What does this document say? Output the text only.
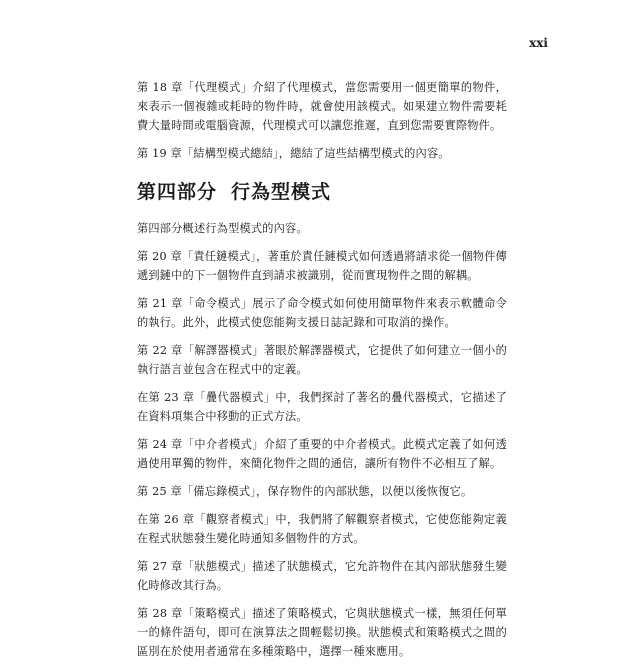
xxi

第 18 章「代理模式」介紹了代理模式，當您需要用一個更簡單的物件，來表示一個複雜或耗時的物件時，就會使用該模式。如果建立物件需要耗費大量時間或電腦資源，代理模式可以讓您推遲，直到您需要實際物件。

第 19 章「結構型模式總結」，總結了這些結構型模式的內容。

第四部分 行為型模式

第四部分概述行為型模式的內容。

第 20 章「責任鏈模式」，著重於責任鏈模式如何透過將請求從一個物件傳遞到鏈中的下一個物件直到請求被識別，從而實現物件之間的解耦。

第 21 章「命令模式」展示了命令模式如何使用簡單物件來表示軟體命令的執行。此外，此模式使您能夠支援日誌記錄和可取消的操作。

第 22 章「解譯器模式」著眼於解譯器模式，它提供了如何建立一個小的執行語言並包含在程式中的定義。

在第 23 章「疊代器模式」中，我們探討了著名的疊代器模式，它描述了在資料項集合中移動的正式方法。

第 24 章「中介者模式」介紹了重要的中介者模式。此模式定義了如何透過使用單獨的物件，來簡化物件之間的通信，讓所有物件不必相互了解。

第 25 章「備忘錄模式」，保存物件的內部狀態，以便以後恢復它。

在第 26 章「觀察者模式」中，我們將了解觀察者模式，它使您能夠定義在程式狀態發生變化時通知多個物件的方式。

第 27 章「狀態模式」描述了狀態模式，它允許物件在其內部狀態發生變化時修改其行為。

第 28 章「策略模式」描述了策略模式，它與狀態模式一樣，無須任何單一的條件語句，即可在演算法之間輕鬆切換。狀態模式和策略模式之間的區別在於使用者通常在多種策略中，選擇一種來應用。
